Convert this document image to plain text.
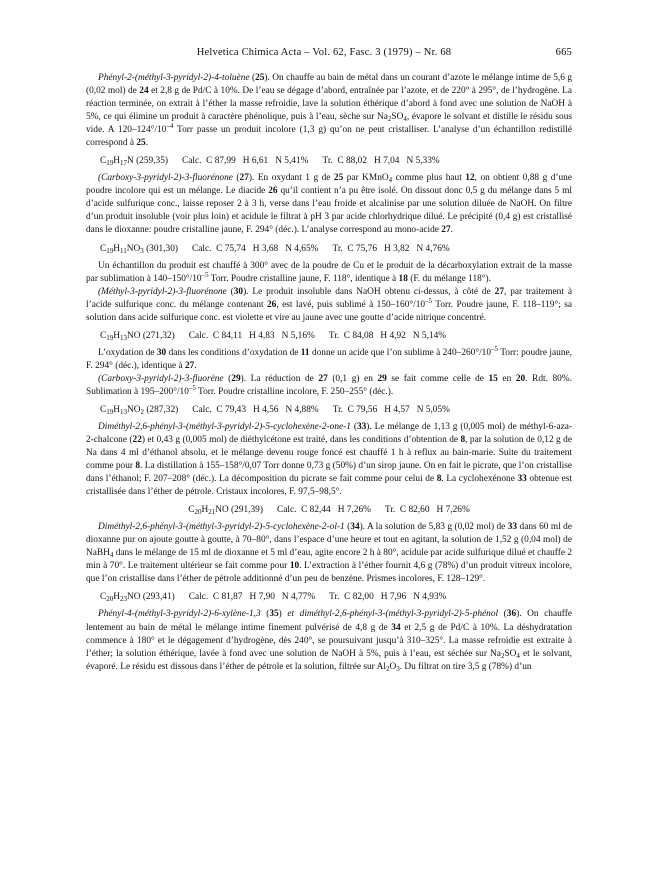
Helvetica Chimica Acta – Vol. 62, Fasc. 3 (1979) – Nr. 68	665

Phényl-2-(méthyl-3-pyridyl-2)-4-toluène (25). On chauffe au bain de métal dans un courant d’azote le mélange intime de 5,6 g (0,02 mol) de 24 et 2,8 g de Pd/C à 10%. De l’eau se dégage d’abord, entraînée par l’azote, et de 220° à 295°, de l’hydrogène. La réaction terminée, on extrait à l’éther la masse refroidie, lave la solution éthérique d’abord à fond avec une solution de NaOH à 5%, ce qui élimine un produit à caractère phénolique, puis à l’eau, sèche sur $Na_2SO_4$, évapore le solvant et distille le résidu sous vide. A $120-124^\circ/10^{-4}$ Torr passe un produit incolore (1,3 g) qu’on ne peut cristalliser. L’analyse d’un échantillon redistillé correspond à 25.

$C_{19}H_{17}N$ (259,35) Calc.  C 87,99   H 6,61   N 5,41% Tr.  C 88,02   H 7,04   N 5,33%

(Carboxy-3-pyridyl-2)-3-fluorénone (27). En oxydant 1 g de 25 par KMnO$_4$ comme plus haut 12, on obtient 0,88 g d’une poudre incolore qui est un mélange. Le diacide 26 qu’il contient n’a pu être isolé. On dissout donc 0,5 g du mélange dans 5 ml d’acide sulfurique conc., laisse reposer 2 à 3 h, verse dans l’eau froide et alcalinise par une solution diluée de NaOH. On filtre d’un produit insoluble (voir plus loin) et acidule le filtrat à pH 3 par acide chlorhydrique dilué. Le précipité (0,4 g) est cristallisé dans le dioxanne: poudre cristalline jaune, F. 294° (déc.). L’analyse correspond au mono-acide 27.

$C_{19}H_{11}NO_3$ (301,30) Calc.  C 75,74   H 3,68   N 4,65% Tr.  C 75,76   H 3,82   N 4,76%

Un échantillon du produit est chauffé à 300° avec de la poudre de Cu et le produit de la décarboxylation extrait de la masse par sublimation à $140-150^\circ/10^{-5}$ Torr. Poudre cristalline jaune, F. 118°, identique à 18 (F. du mélange 118°).

(Méthyl-3-pyridyl-2)-3-fluorénone (30). Le produit insoluble dans NaOH obtenu ci-dessus, à côté de 27, par traitement à l’acide sulfurique conc. du mélange contenant 26, est lavé, puis sublimé à $150-160^\circ/10^{-5}$ Torr. Poudre jaune, F. 118–119°; sa solution dans acide sulfurique conc. est violette et vire au jaune avec une goutte d’acide nitrique concentré.

$C_{19}H_{13}NO$ (271,32) Calc.  C 84,11   H 4,83   N 5,16% Tr.  C 84,08   H 4,92   N 5,14%

L’oxydation de 30 dans les conditions d’oxydation de 11 donne un acide que l’on sublime à $240-260^\circ/10^{-5}$ Torr: poudre jaune, F. 294° (déc.), identique à 27.

(Carboxy-3-pyridyl-2)-3-fluorène (29). La réduction de 27 (0,1 g) en 29 se fait comme celle de 15 en 20. Rdt. 80%. Sublimation à $195-200^\circ/10^{-5}$ Torr. Poudre cristalline incolore, F. 250–255° (déc.).

$C_{19}H_{13}NO_2$ (287,32) Calc.  C 79,43   H 4,56   N 4,88% Tr.  C 79,56   H 4,57   N 5,05%

Diméthyl-2,6-phényl-3-(méthyl-3-pyridyl-2)-5-cyclohexène-2-one-1 (33). Le mélange de 1,13 g (0,005 mol) de méthyl-6-aza-2-chalcone (22) et 0,43 g (0,005 mol) de diéthylcétone est traité, dans les conditions d’obtention de 8, par la solution de 0,12 g de Na dans 4 ml d’éthanol absolu, et le mélange devenu rouge foncé est chauffé 1 h à reflux au bain-marie. Suite du traitement comme pour 8. La distillation à 155–158°/0,07 Torr donne 0,73 g (50%) d’un sirop jaune. On en fait le picrate, que l’on cristallise dans l’éthanol; F. 207–208° (déc.). La décomposition du picrate se fait comme pour celui de 8. La cyclohexénone 33 obtenue est cristallisée dans l’éther de pétrole. Cristaux incolores, F. 97,5–98,5°.

$C_{20}H_{21}NO$ (291,39) Calc.  C 82,44   H 7,26% Tr.  C 82,60   H 7,26%

Diméthyl-2,6-phényl-3-(méthyl-3-pyridyl-2)-5-cyclohexène-2-ol-1 (34). A la solution de 5,83 g (0,02 mol) de 33 dans 60 ml de dioxanne pur on ajoute goutte à goutte, à 70–80°, dans l’espace d’une heure et tout en agitant, la solution de 1,52 g (0,04 mol) de NaBH$_4$ dans le mélange de 15 ml de dioxanne et 5 ml d’eau, agite encore 2 h à 80°, acidule par acide sulfurique dilué et chauffe 2 min à 70°. Le traitement ultérieur se fait comme pour 10. L’extraction à l’éther fournit 4,6 g (78%) d’un produit vitreux incolore, que l’on cristallise dans l’éther de pétrole additionné d’un peu de benzène. Prismes incolores, F. 128–129°.

$C_{20}H_{23}NO$ (293,41) Calc.  C 81,87   H 7,90   N 4,77% Tr.  C 82,00   H 7,96   N 4,93%

Phényl-4-(méthyl-3-pyridyl-2)-6-xylène-1,3 (35) et diméthyl-2,6-phényl-3-(méthyl-3-pyridyl-2)-5-phénol (36). On chauffe lentement au bain de métal le mélange intime finement pulvérisé de 4,8 g de 34 et 2,5 g de Pd/C à 10%. La déshydratation commence à 180° et le dégagement d’hydrogène, dès 240°, se poursuivant jusqu’à 310–325°. La masse refroidie est extraite à l’éther; la solution éthérique, lavée à fond avec une solution de NaOH à 5%, puis à l’eau, est séchée sur $Na_2SO_4$ et le solvant, évaporé. Le résidu est dissous dans l’éther de pétrole et la solution, filtrée sur $Al_2O_3$. Du filtrat on tire 3,5 g (78%) d’un
